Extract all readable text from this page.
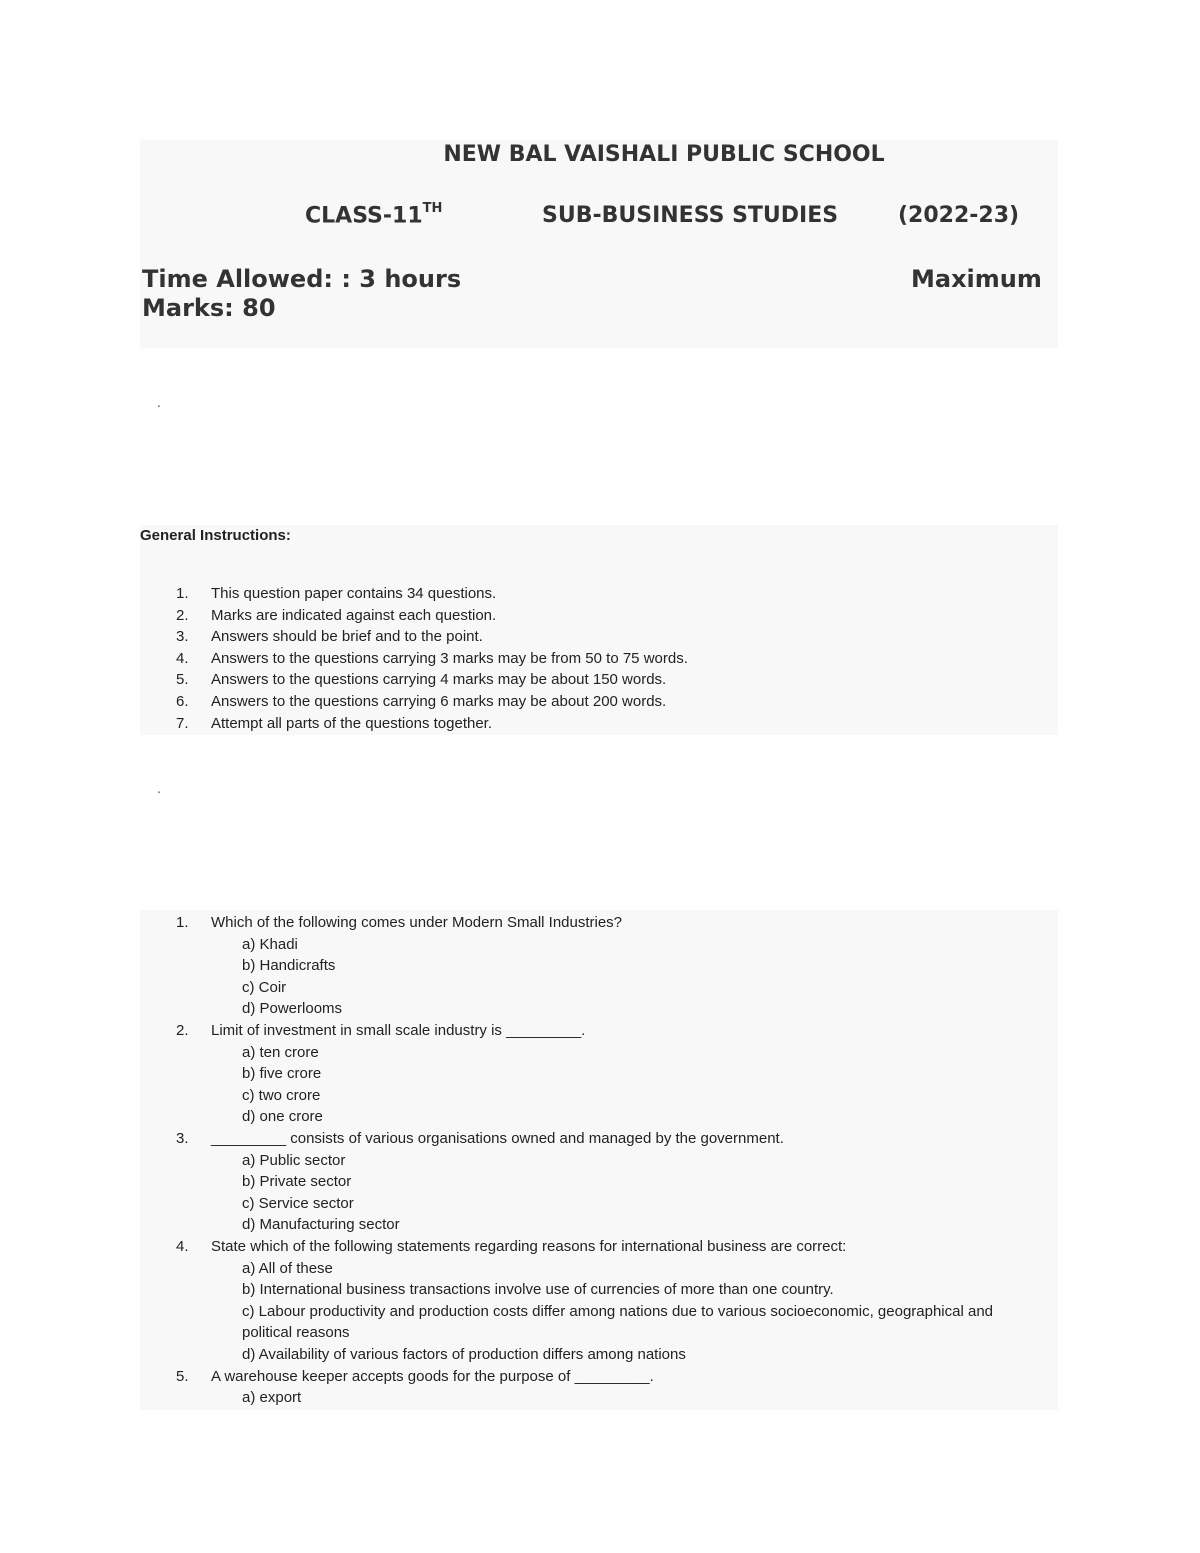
NEW BAL VAISHALI PUBLIC SCHOOL
CLASS-11TH	SUB-BUSINESS STUDIES	(2022-23)
Time Allowed: : 3 hours	Maximum
Marks: 80
.
.
General Instructions:
1. This question paper contains 34 questions.
2. Marks are indicated against each question.
3. Answers should be brief and to the point.
4. Answers to the questions carrying 3 marks may be from 50 to 75 words.
5. Answers to the questions carrying 4 marks may be about 150 words.
6. Answers to the questions carrying 6 marks may be about 200 words.
7. Attempt all parts of the questions together.
1. Which of the following comes under Modern Small Industries?
a) Khadi
b) Handicrafts
c) Coir
d) Powerlooms
2. Limit of investment in small scale industry is _________.
a) ten crore
b) five crore
c) two crore
d) one crore
3. _________ consists of various organisations owned and managed by the government.
a) Public sector
b) Private sector
c) Service sector
d) Manufacturing sector
4. State which of the following statements regarding reasons for international business are correct:
a) All of these
b) International business transactions involve use of currencies of more than one country.
c) Labour productivity and production costs differ among nations due to various socioeconomic, geographical and
political reasons
d) Availability of various factors of production differs among nations
5. A warehouse keeper accepts goods for the purpose of _________.
a) export
